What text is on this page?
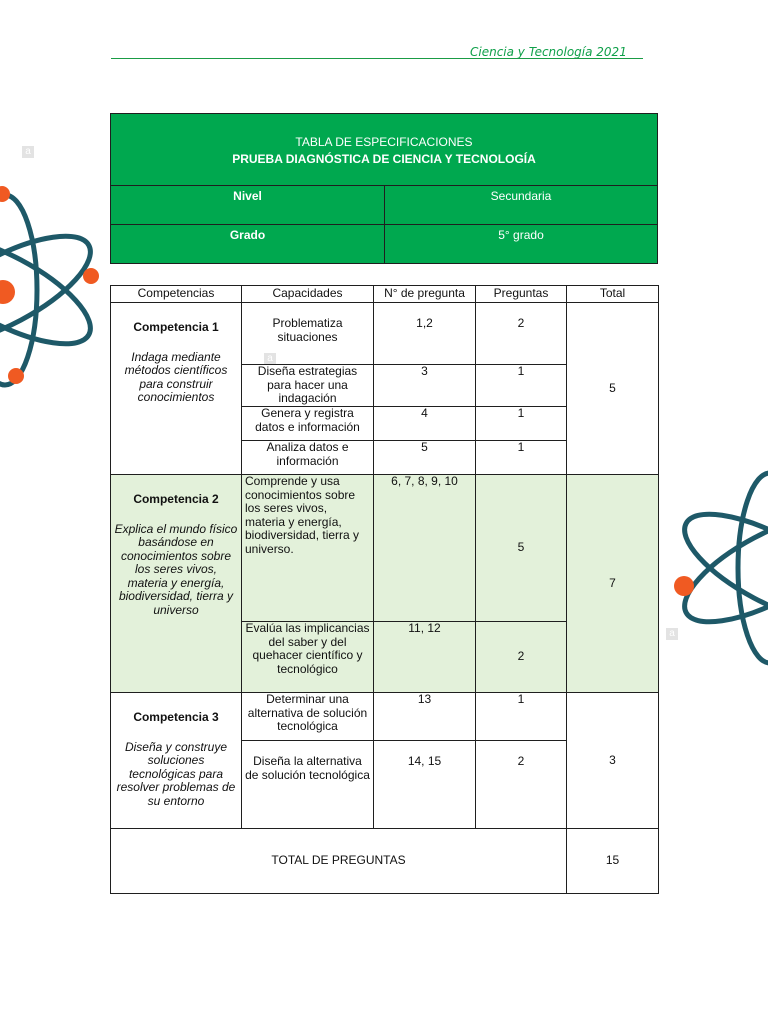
a
a
a
Ciencia y Tecnología 2021
TABLA DE ESPECIFICACIONES
PRUEBA DIAGNÓSTICA DE CIENCIA Y TECNOLOGÍA	

Nivel	Secundaria
Grado	5° grado
Competencias	Capacidades	N° de pregunta	Preguntas	Total

Competencia 1
Indaga mediante métodos científicos para construir conocimientos	Problematiza situaciones	1,2	2	5
	Diseña estrategias para hacer una indagación	3	1	
	Genera y registra datos e información	4	1	
	Analiza datos e información	5	1	

Competencia 2
Explica el mundo físico basándose en conocimientos sobre los seres vivos, materia y energía, biodiversidad, tierra y universo	Comprende y usa conocimientos sobre los seres vivos, materia y energía, biodiversidad, tierra y universo.	6, 7, 8, 9, 10	5	7
	Evalúa las implicancias del saber y del quehacer científico y tecnológico	11, 12	2	

Competencia 3
Diseña y construye soluciones tecnológicas para resolver problemas de su entorno	Determinar una alternativa de solución tecnológica	13	1	3
	Diseña la alternativa de solución tecnológica	14, 15	2	
TOTAL DE PREGUNTAS				15
